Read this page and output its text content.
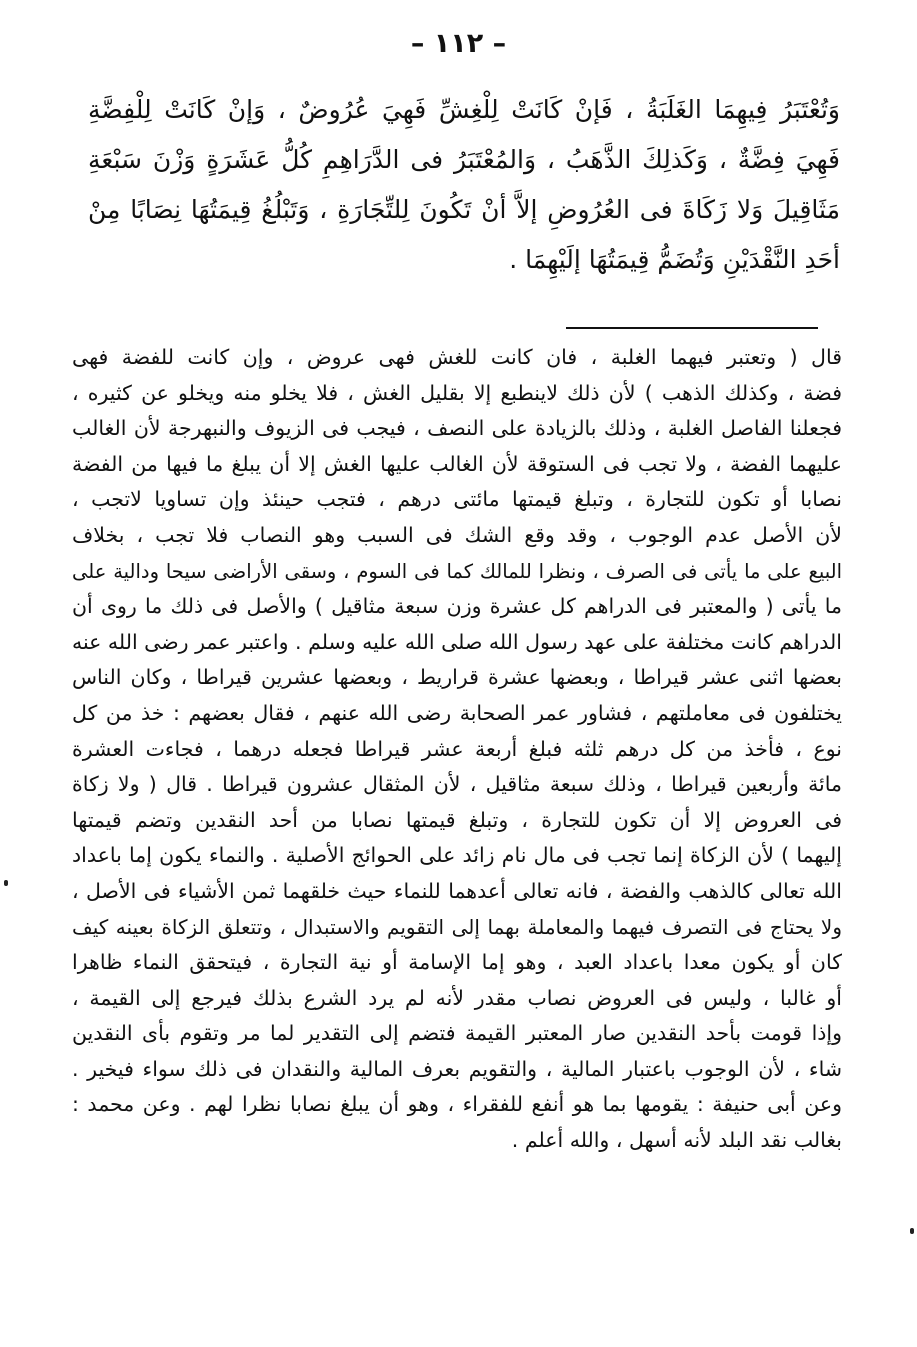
– ١١٢ –
وَتُعْتَبَرُ فِيهِمَا الغَلَبَةُ ، فَإنْ كَانَتْ لِلْغِشِّ فَهِيَ عُرُوضٌ ، وَإنْ كَانَتْ لِلْفِضَّةِ
فَهِيَ فِضَّةٌ ، وَكَذلِكَ الذَّهَبُ ، وَالمُعْتَبَرُ فى الدَّرَاهِمِ كُلُّ عَشَرَةٍ وَزْنَ سَبْعَةِ
مَثَاقِيلَ وَلا زَكَاةَ فى العُرُوضِ إلاَّ أنْ تَكُونَ لِلتِّجَارَةِ ، وَتَبْلُغُ قِيمَتُهَا نِصَابًا مِنْ
أحَدِ النَّقْدَيْنِ وَتُضَمُّ قِيمَتُهَا إلَيْهِمَا .
قال ( وتعتبر فيهما الغلبة ، فان كانت للغش فهى عروض ، وإن كانت للفضة فهى
فضة ، وكذلك الذهب ) لأن ذلك لاينطبع إلا بقليل الغش ، فلا يخلو منه ويخلو عن كثيره ،
فجعلنا الفاصل الغلبة ، وذلك بالزيادة على النصف ، فيجب فى الزيوف والنبهرجة لأن الغالب
عليهما الفضة ، ولا تجب فى الستوقة لأن الغالب عليها الغش إلا أن يبلغ ما فيها من الفضة
نصابا أو تكون للتجارة ، وتبلغ قيمتها مائتى درهم ، فتجب حينئذ وإن تساويا لاتجب ،
لأن الأصل عدم الوجوب ، وقد وقع الشك فى السبب وهو النصاب فلا تجب ، بخلاف
البيع على ما يأتى فى الصرف ، ونظرا للمالك كما فى السوم ، وسقى الأراضى سيحا ودالية على
ما يأتى ( والمعتبر فى الدراهم كل عشرة وزن سبعة مثاقيل ) والأصل فى ذلك ما روى أن
الدراهم كانت مختلفة على عهد رسول الله صلى الله عليه وسلم . واعتبر عمر رضى الله عنه
بعضها اثنى عشر قيراطا ، وبعضها عشرة قراريط ، وبعضها عشرين قيراطا ، وكان الناس
يختلفون فى معاملتهم ، فشاور عمر الصحابة رضى الله عنهم ، فقال بعضهم : خذ من كل
نوع ، فأخذ من كل درهم ثلثه فبلغ أربعة عشر قيراطا فجعله درهما ، فجاءت العشرة
مائة وأربعين قيراطا ، وذلك سبعة مثاقيل ، لأن المثقال عشرون قيراطا . قال ( ولا زكاة
فى العروض إلا أن تكون للتجارة ، وتبلغ قيمتها نصابا من أحد النقدين وتضم قيمتها
إليهما ) لأن الزكاة إنما تجب فى مال نام زائد على الحوائج الأصلية . والنماء يكون إما باعداد
الله تعالى كالذهب والفضة ، فانه تعالى أعدهما للنماء حيث خلقهما ثمن الأشياء فى الأصل ،
ولا يحتاج فى التصرف فيهما والمعاملة بهما إلى التقويم والاستبدال ، وتتعلق الزكاة بعينه كيف
كان أو يكون معدا باعداد العبد ، وهو إما الإسامة أو نية التجارة ، فيتحقق النماء ظاهرا
أو غالبا ، وليس فى العروض نصاب مقدر لأنه لم يرد الشرع بذلك فيرجع إلى القيمة ،
وإذا قومت بأحد النقدين صار المعتبر القيمة فتضم إلى التقدير لما مر وتقوم بأى النقدين
شاء ، لأن الوجوب باعتبار المالية ، والتقويم بعرف المالية والنقدان فى ذلك سواء فيخير .
وعن أبى حنيفة : يقومها بما هو أنفع للفقراء ، وهو أن يبلغ نصابا نظرا لهم . وعن محمد :
بغالب نقد البلد لأنه أسهل ، والله أعلم .
